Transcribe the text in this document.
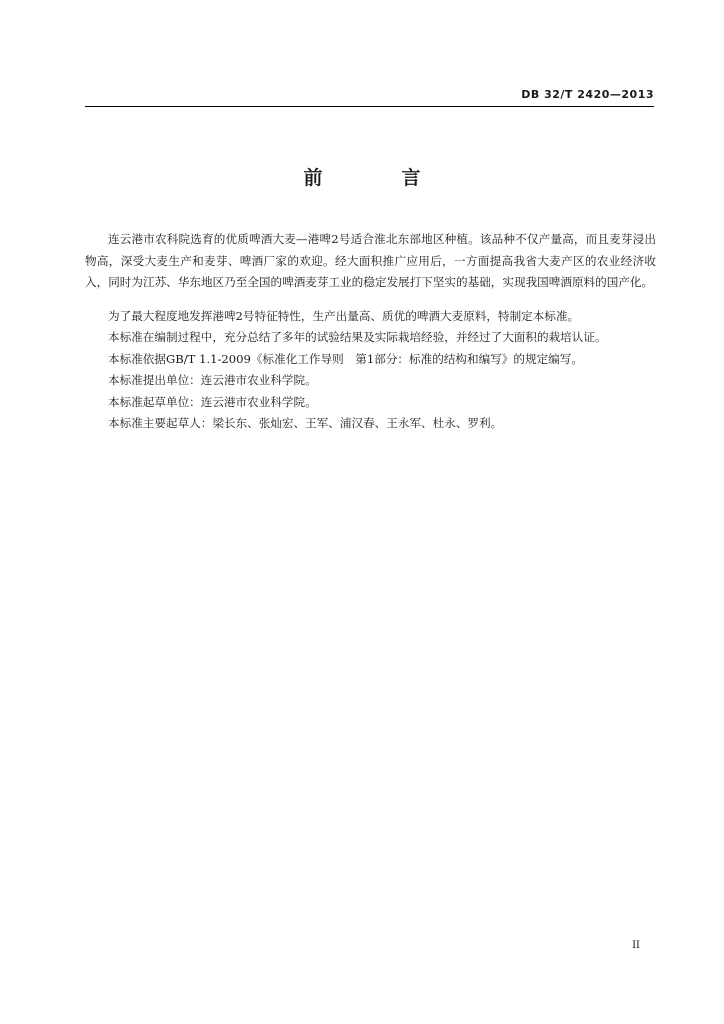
DB 32/T 2420—2013
前　言

连云港市农科院选育的优质啤酒大麦—港啤2号适合淮北东部地区种植。该品种不仅产量高，而且麦芽浸出物高，深受大麦生产和麦芽、啤酒厂家的欢迎。经大面积推广应用后，一方面提高我省大麦产区的农业经济收入，同时为江苏、华东地区乃至全国的啤酒麦芽工业的稳定发展打下坚实的基础，实现我国啤酒原料的国产化。

为了最大程度地发挥港啤2号特征特性，生产出量高、质优的啤酒大麦原料，特制定本标准。

本标准在编制过程中，充分总结了多年的试验结果及实际栽培经验，并经过了大面积的栽培认证。

本标准依据GB/T 1.1-2009《标准化工作导则　第1部分：标准的结构和编写》的规定编写。

本标准提出单位：连云港市农业科学院。

本标准起草单位：连云港市农业科学院。

本标准主要起草人：梁长东、张灿宏、王军、浦汉春、王永军、杜永、罗利。

II
